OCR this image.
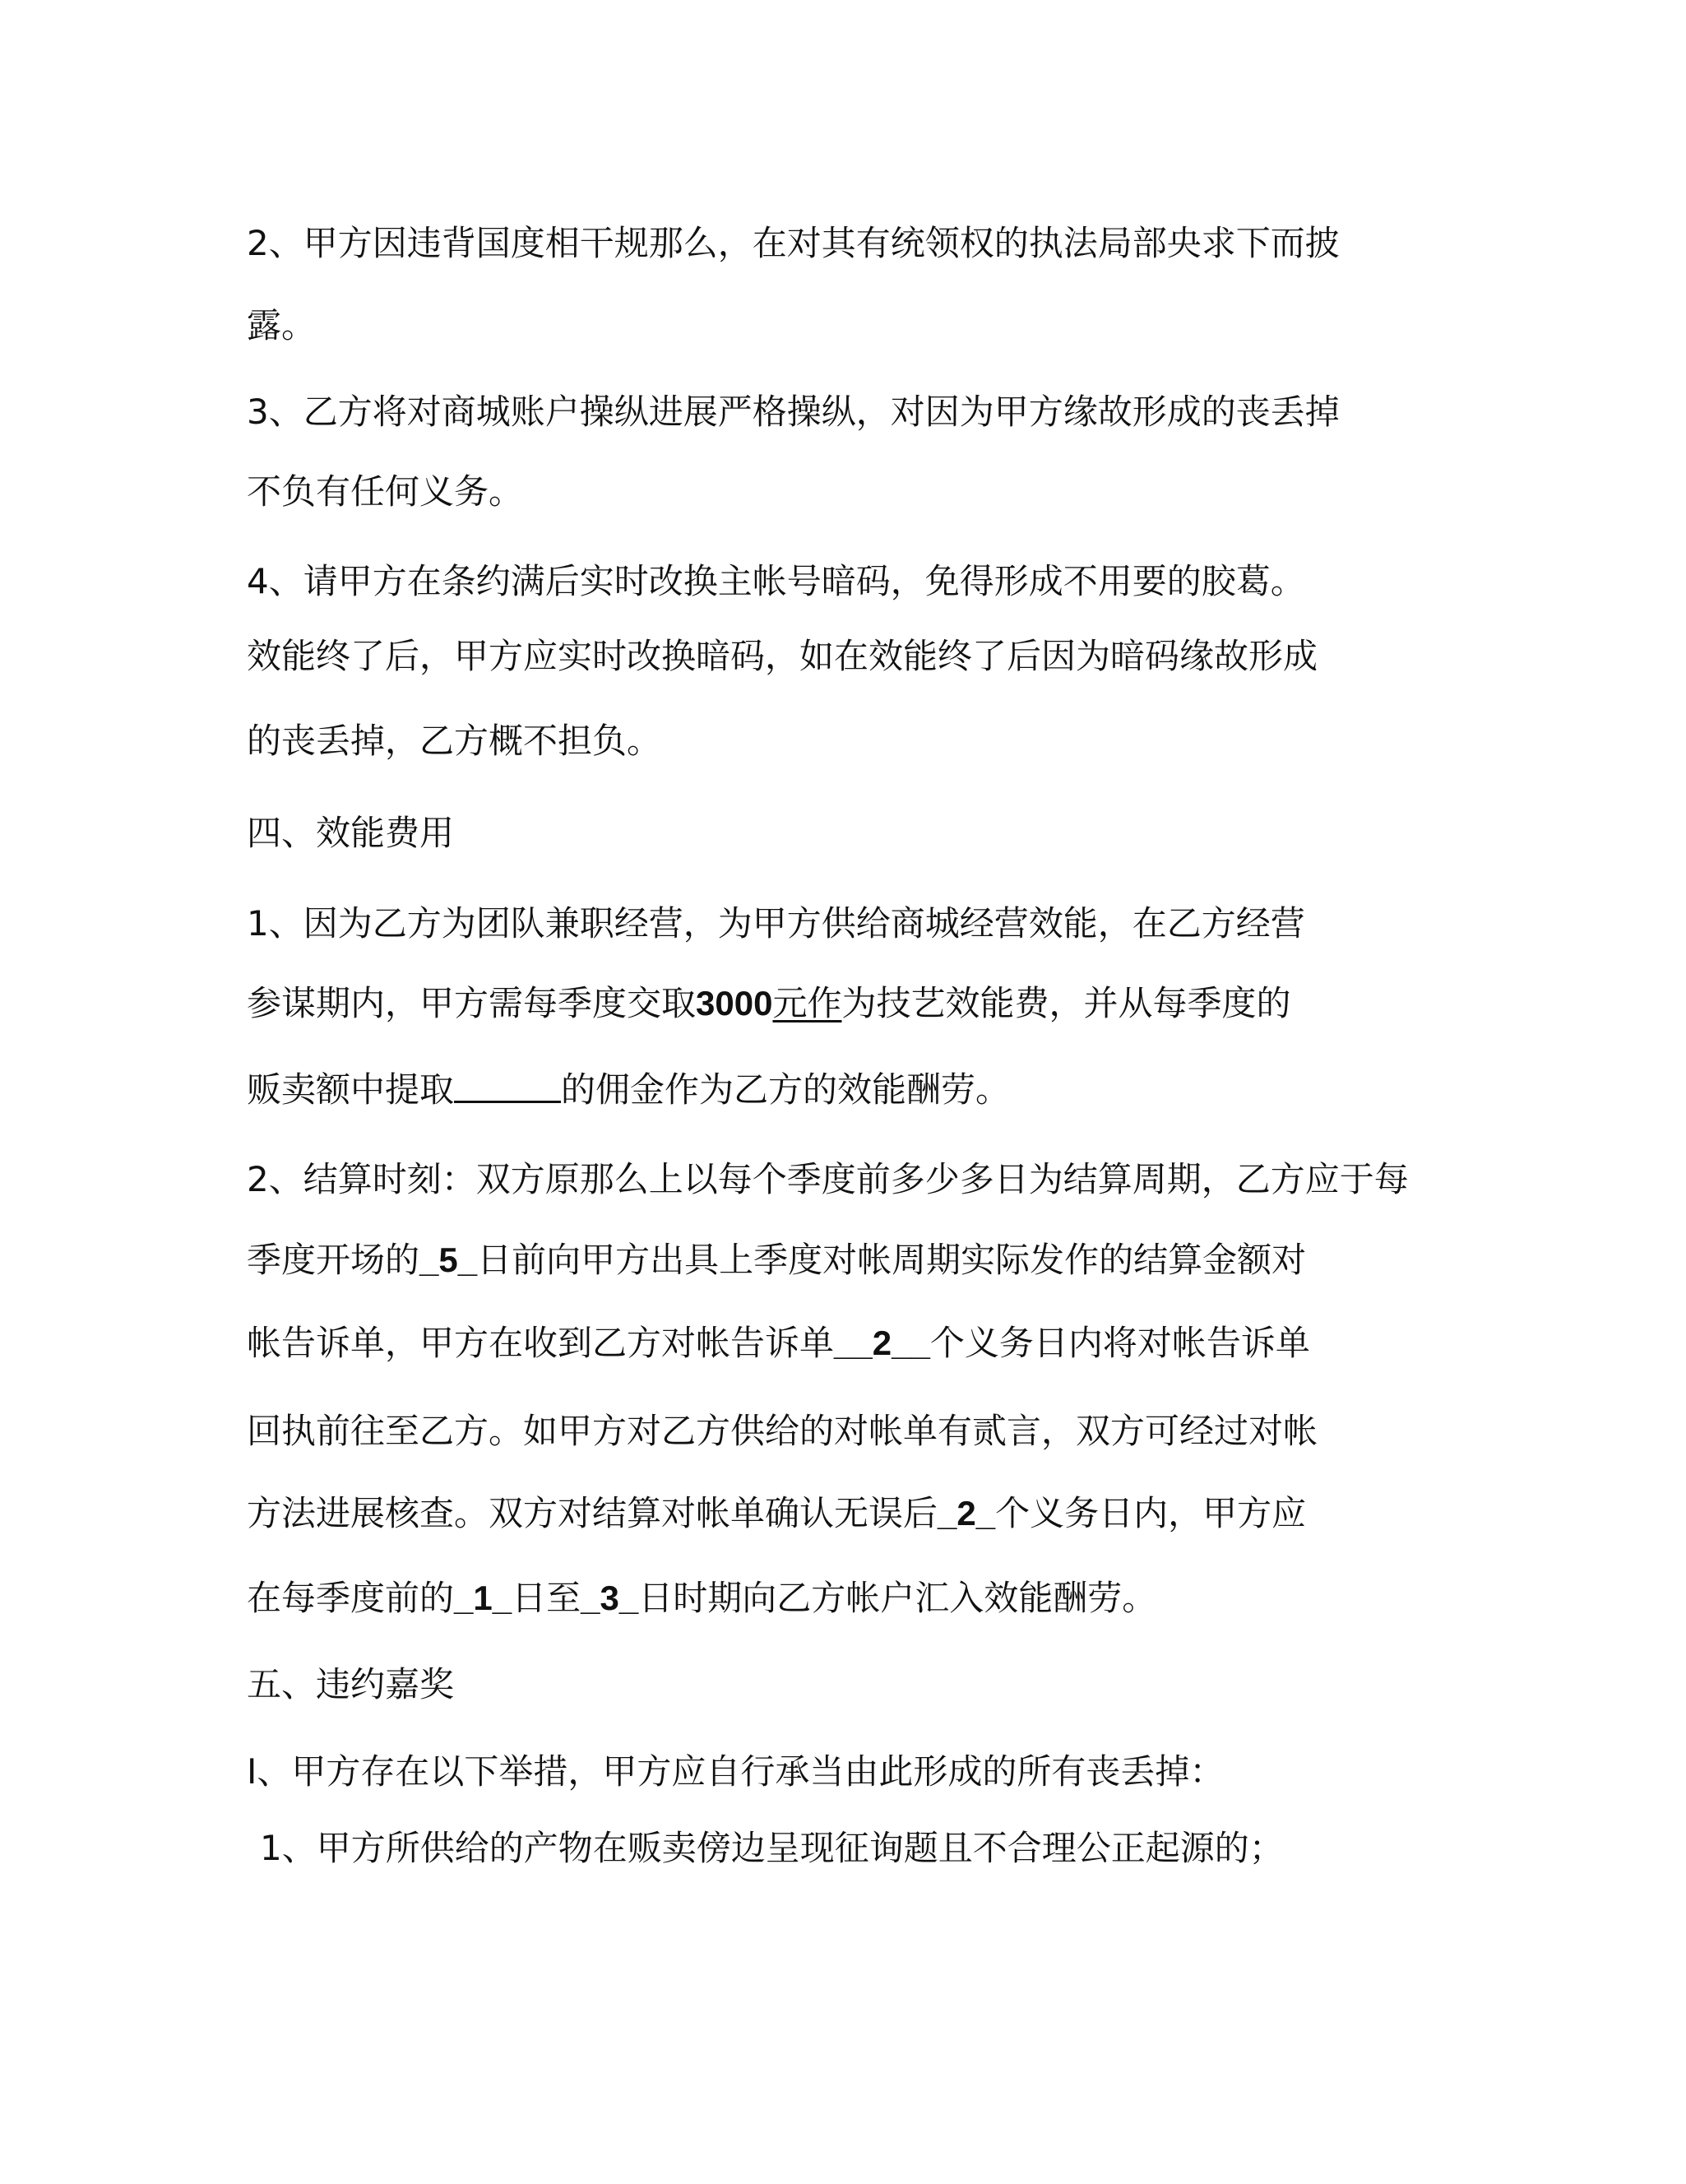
2、甲方因违背国度相干规那么，在对其有统领权的执法局部央求下而披
露。
3、乙方将对商城账户操纵进展严格操纵，对因为甲方缘故形成的丧丢掉
不负有任何义务。
4、请甲方在条约满后实时改换主帐号暗码，免得形成不用要的胶葛。
效能终了后，甲方应实时改换暗码，如在效能终了后因为暗码缘故形成
的丧丢掉，乙方概不担负。
四、效能费用
1、因为乙方为团队兼职经营，为甲方供给商城经营效能，在乙方经营
参谋期内，甲方需每季度交取3000元作为技艺效能费，并从每季度的
贩卖额中提取	的佣金作为乙方的效能酬劳。
2、结算时刻：双方原那么上以每个季度前多少多日为结算周期，乙方应于每
季度开场的_5_日前向甲方出具上季度对帐周期实际发作的结算金额对
帐告诉单，甲方在收到乙方对帐告诉单__2__个义务日内将对帐告诉单
回执前往至乙方。如甲方对乙方供给的对帐单有贰言，双方可经过对帐
方法进展核查。双方对结算对帐单确认无误后_2_个义务日内，甲方应
在每季度前的_1_日至_3_日时期向乙方帐户汇入效能酬劳。
五、违约嘉奖
I、甲方存在以下举措，甲方应自行承当由此形成的所有丧丢掉：
1、甲方所供给的产物在贩卖傍边呈现征询题且不合理公正起源的；
